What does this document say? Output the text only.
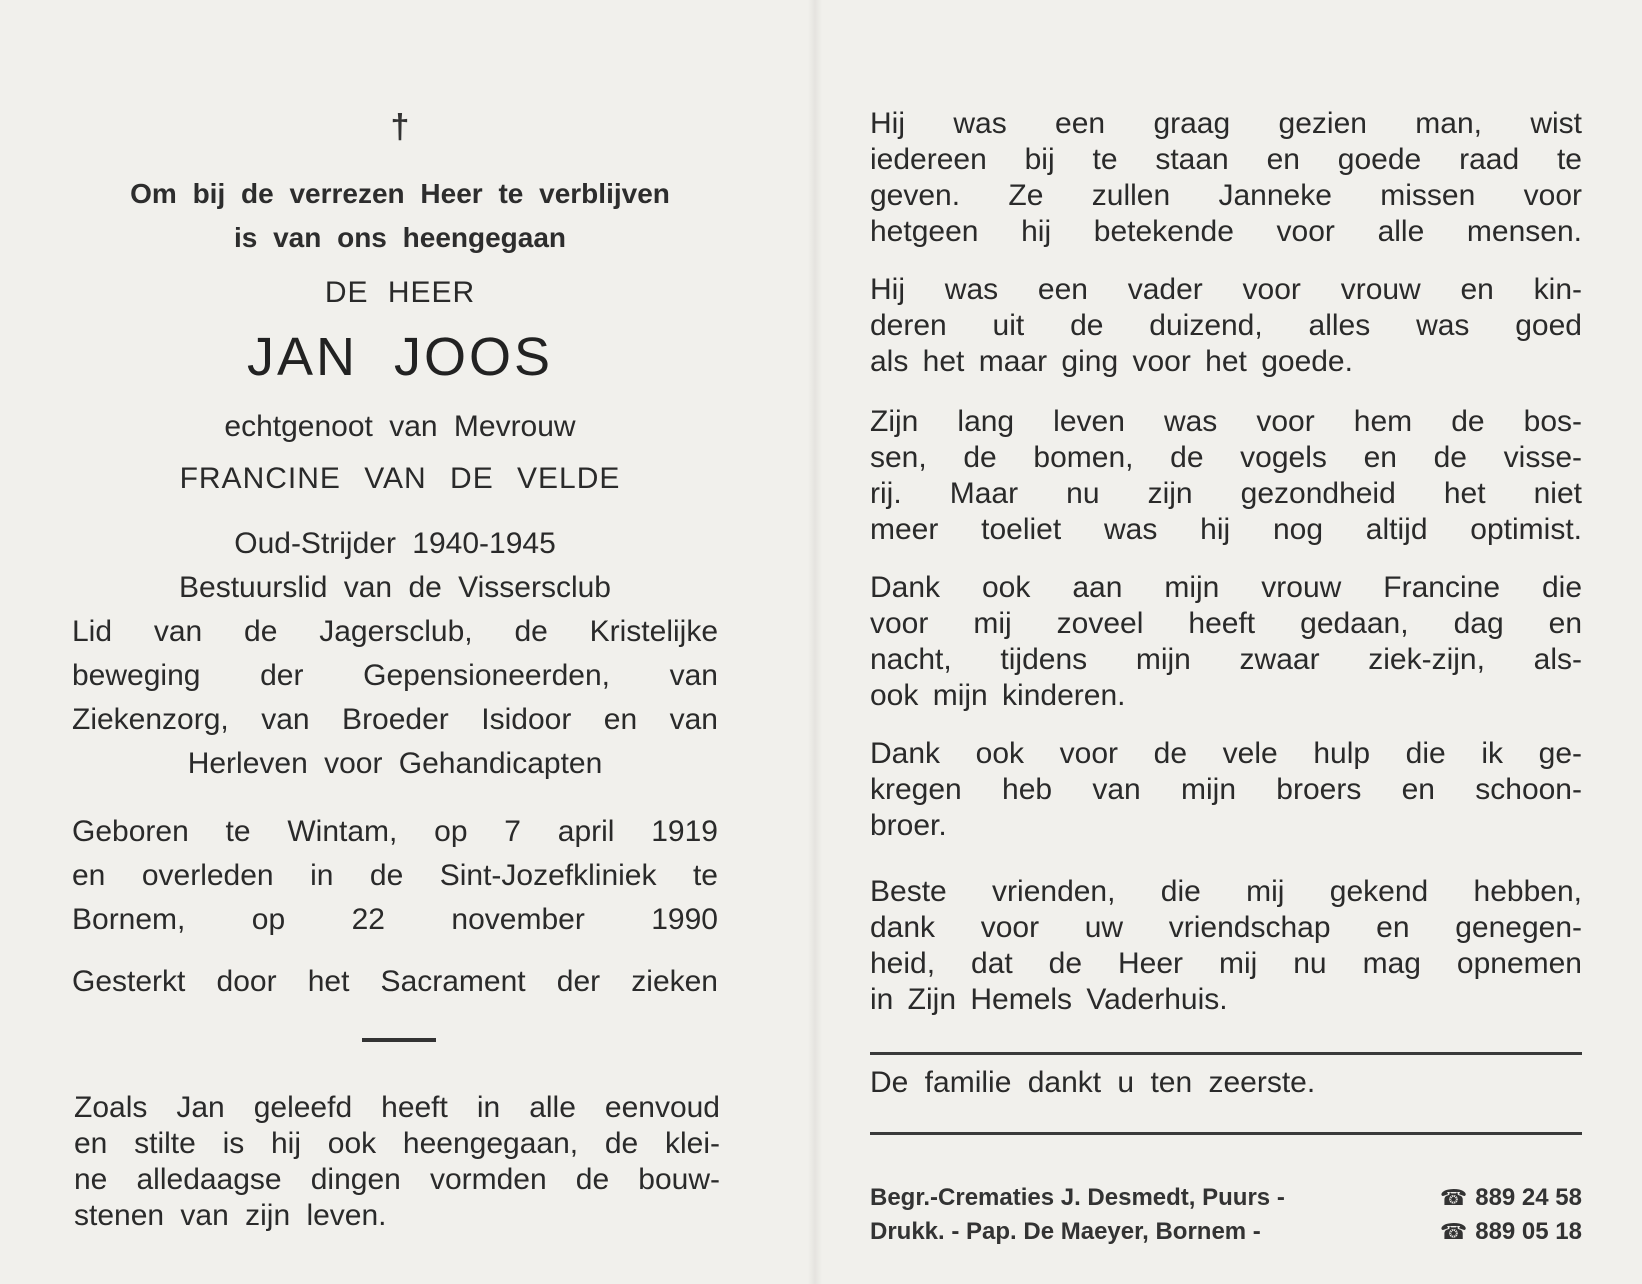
†
Om bij de verrezen Heer te verblijven
is van ons heengegaan
DE HEER
JAN JOOS
echtgenoot van Mevrouw
FRANCINE VAN DE VELDE
Oud-Strijder 1940-1945
Bestuurslid van de Vissersclub
Lid van de Jagersclub, de Kristelijke
beweging der Gepensioneerden, van
Ziekenzorg, van Broeder Isidoor en van
Herleven voor Gehandicapten
Geboren te Wintam, op 7 april 1919
en overleden in de Sint-Jozefkliniek te
Bornem, op 22 november 1990
Gesterkt door het Sacrament der zieken
Zoals Jan geleefd heeft in alle eenvoud
en stilte is hij ook heengegaan, de klei-
ne alledaagse dingen vormden de bouw-
stenen van zijn leven.
Hij was een graag gezien man, wist
iedereen bij te staan en goede raad te
geven. Ze zullen Janneke missen voor
hetgeen hij betekende voor alle mensen.
Hij was een vader voor vrouw en kin-
deren uit de duizend, alles was goed
als het maar ging voor het goede.
Zijn lang leven was voor hem de bos-
sen, de bomen, de vogels en de visse-
rij. Maar nu zijn gezondheid het niet
meer toeliet was hij nog altijd optimist.
Dank ook aan mijn vrouw Francine die
voor mij zoveel heeft gedaan, dag en
nacht, tijdens mijn zwaar ziek-zijn, als-
ook mijn kinderen.
Dank ook voor de vele hulp die ik ge-
kregen heb van mijn broers en schoon-
broer.
Beste vrienden, die mij gekend hebben,
dank voor uw vriendschap en genegen-
heid, dat de Heer mij nu mag opnemen
in Zijn Hemels Vaderhuis.
De familie dankt u ten zeerste.
Begr.-Crematies J. Desmedt, Puurs -	☎ 889 24 58
Drukk. - Pap. De Maeyer, Bornem -	☎ 889 05 18
